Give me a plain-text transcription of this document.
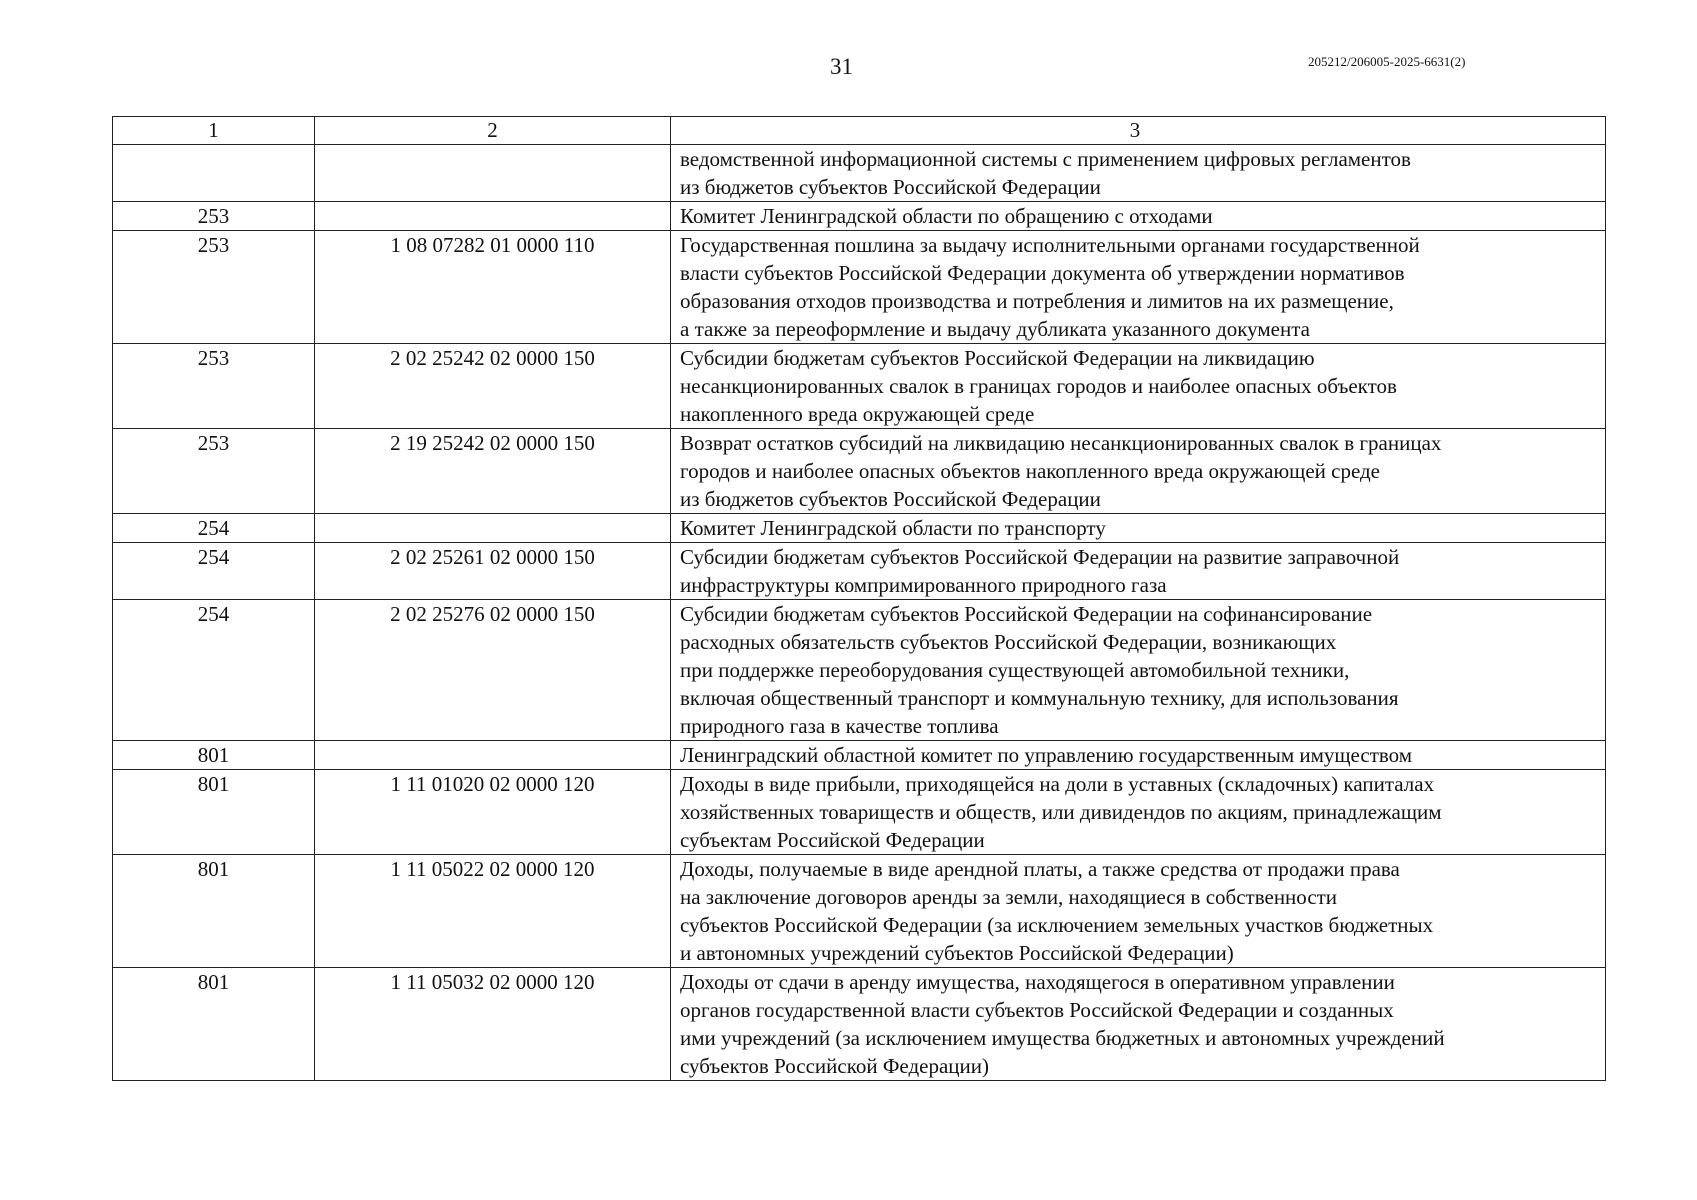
31	205212/206005-2025-6631(2)
1	2	3

		ведомственной информационной системы с применением цифровых регламентов
из бюджетов субъектов Российской Федерации

253		Комитет Ленинградской области по обращению с отходами

253	1 08 07282 01 0000 110	Государственная пошлина за выдачу исполнительными органами государственной
власти субъектов Российской Федерации документа об утверждении нормативов
образования отходов производства и потребления и лимитов на их размещение,
а также за переоформление и выдачу дубликата указанного документа

253	2 02 25242 02 0000 150	Субсидии бюджетам субъектов Российской Федерации на ликвидацию
несанкционированных свалок в границах городов и наиболее опасных объектов
накопленного вреда окружающей среде

253	2 19 25242 02 0000 150	Возврат остатков субсидий на ликвидацию несанкционированных свалок в границах
городов и наиболее опасных объектов накопленного вреда окружающей среде
из бюджетов субъектов Российской Федерации

254		Комитет Ленинградской области по транспорту

254	2 02 25261 02 0000 150	Субсидии бюджетам субъектов Российской Федерации на развитие заправочной
инфраструктуры компримированного природного газа

254	2 02 25276 02 0000 150	Субсидии бюджетам субъектов Российской Федерации на софинансирование
расходных обязательств субъектов Российской Федерации, возникающих
при поддержке переоборудования существующей автомобильной техники,
включая общественный транспорт и коммунальную технику, для использования
природного газа в качестве топлива

801		Ленинградский областной комитет по управлению государственным имуществом

801	1 11 01020 02 0000 120	Доходы в виде прибыли, приходящейся на доли в уставных (складочных) капиталах
хозяйственных товариществ и обществ, или дивидендов по акциям, принадлежащим
субъектам Российской Федерации

801	1 11 05022 02 0000 120	Доходы, получаемые в виде арендной платы, а также средства от продажи права
на заключение договоров аренды за земли, находящиеся в собственности
субъектов Российской Федерации (за исключением земельных участков бюджетных
и автономных учреждений субъектов Российской Федерации)

801	1 11 05032 02 0000 120	Доходы от сдачи в аренду имущества, находящегося в оперативном управлении
органов государственной власти субъектов Российской Федерации и созданных
ими учреждений (за исключением имущества бюджетных и автономных учреждений
субъектов Российской Федерации)
